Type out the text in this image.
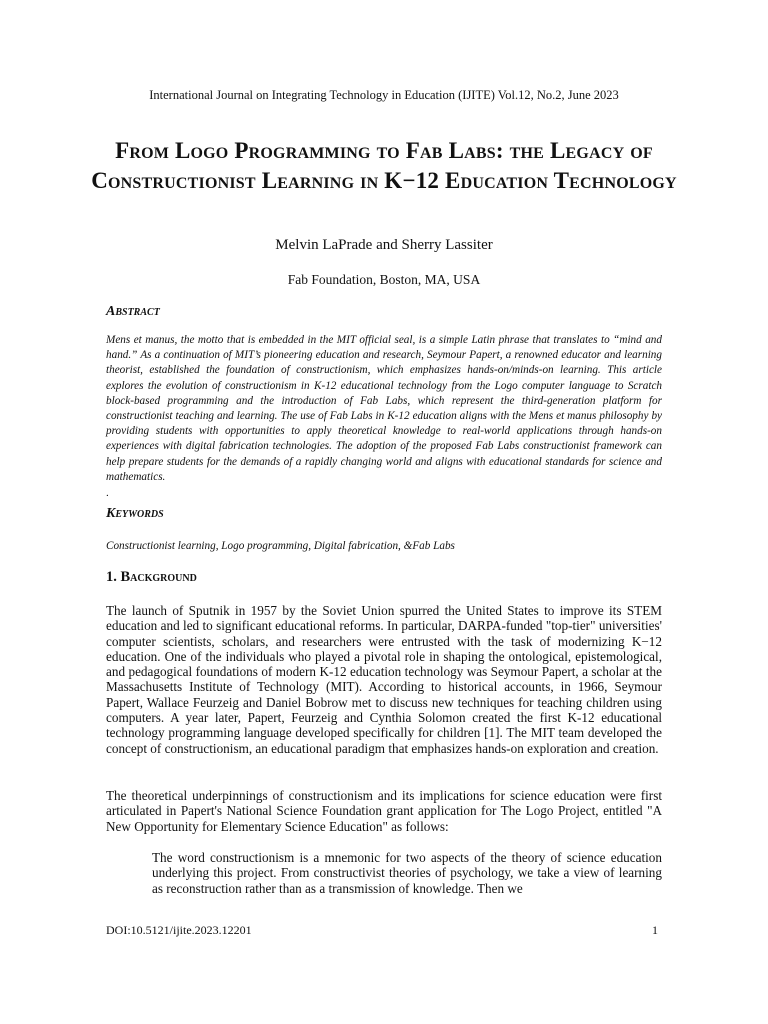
International Journal on Integrating Technology in Education (IJITE) Vol.12, No.2, June 2023
From Logo Programming to Fab Labs: the Legacy of Constructionist Learning in K−12 Education Technology
Melvin LaPrade and Sherry Lassiter
Fab Foundation, Boston, MA, USA
Abstract
Mens et manus, the motto that is embedded in the MIT official seal, is a simple Latin phrase that translates to “mind and hand.” As a continuation of MIT’s pioneering education and research, Seymour Papert, a renowned educator and learning theorist, established the foundation of constructionism, which emphasizes hands-on/minds-on learning. This article explores the evolution of constructionism in K-12 educational technology from the Logo computer language to Scratch block-based programming and the introduction of Fab Labs, which represent the third-generation platform for constructionist teaching and learning. The use of Fab Labs in K-12 education aligns with the Mens et manus philosophy by providing students with opportunities to apply theoretical knowledge to real-world applications through hands-on experiences with digital fabrication technologies. The adoption of the proposed Fab Labs constructionist framework can help prepare students for the demands of a rapidly changing world and aligns with educational standards for science and mathematics.
.
Keywords
Constructionist learning, Logo programming, Digital fabrication, &Fab Labs
1. Background
The launch of Sputnik in 1957 by the Soviet Union spurred the United States to improve its STEM education and led to significant educational reforms. In particular, DARPA-funded "top-tier" universities' computer scientists, scholars, and researchers were entrusted with the task of modernizing K−12 education. One of the individuals who played a pivotal role in shaping the ontological, epistemological, and pedagogical foundations of modern K-12 education technology was Seymour Papert, a scholar at the Massachusetts Institute of Technology (MIT). According to historical accounts, in 1966, Seymour Papert, Wallace Feurzeig and Daniel Bobrow met to discuss new techniques for teaching children using computers. A year later, Papert, Feurzeig and Cynthia Solomon created the first K-12 educational technology programming language developed specifically for children [1]. The MIT team developed the concept of constructionism, an educational paradigm that emphasizes hands-on exploration and creation.
The theoretical underpinnings of constructionism and its implications for science education were first articulated in Papert's National Science Foundation grant application for The Logo Project, entitled "A New Opportunity for Elementary Science Education" as follows:
The word constructionism is a mnemonic for two aspects of the theory of science education underlying this project. From constructivist theories of psychology, we take a view of learning as reconstruction rather than as a transmission of knowledge. Then we
DOI:10.5121/ijite.2023.12201	1
